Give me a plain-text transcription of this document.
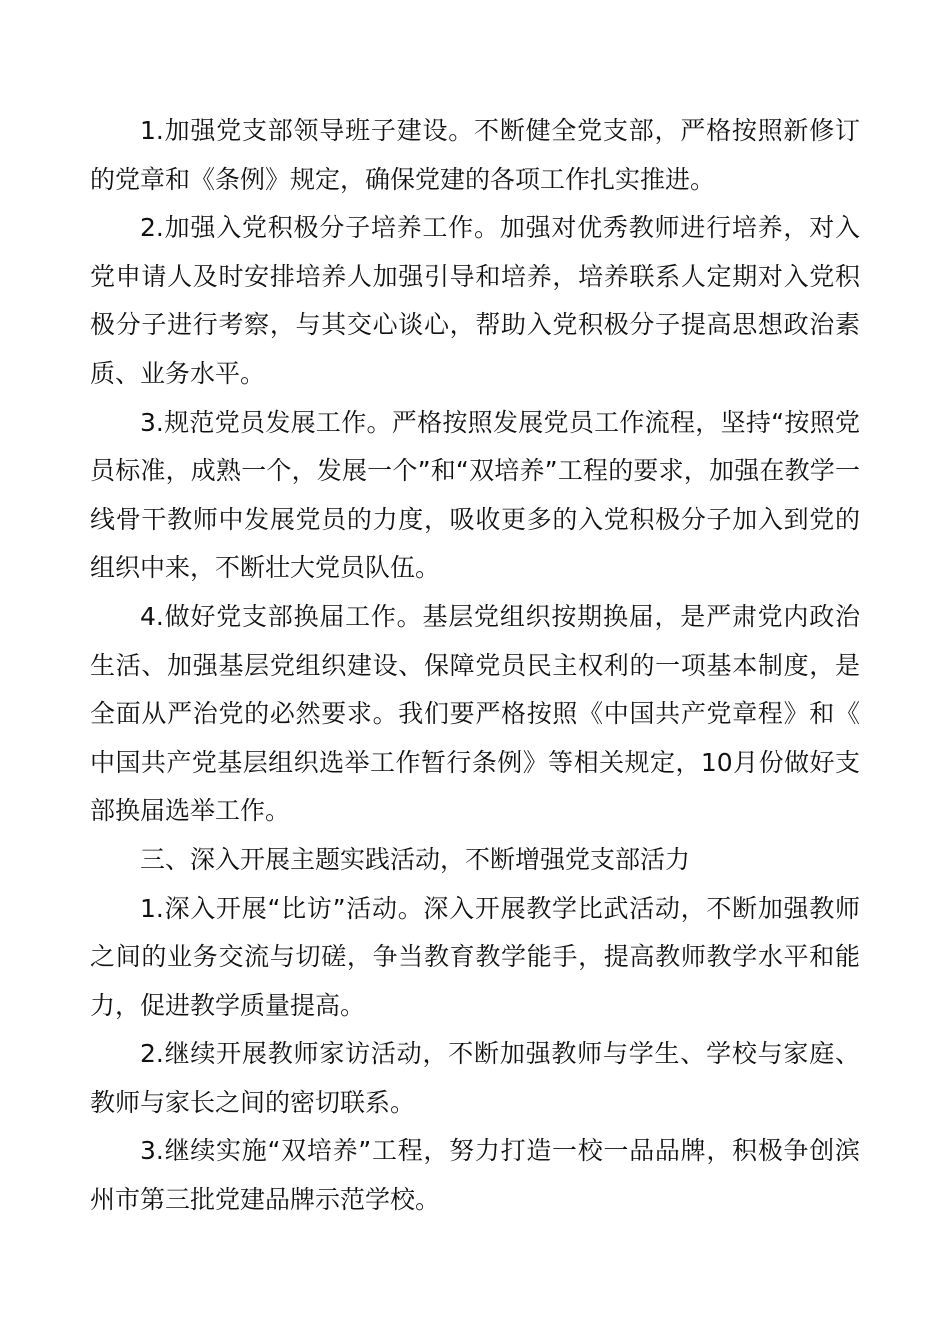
1.加强党支部领导班子建设。不断健全党支部，严格按照新修订的党章和《条例》规定，确保党建的各项工作扎实推进。

2.加强入党积极分子培养工作。加强对优秀教师进行培养，对入党申请人及时安排培养人加强引导和培养，培养联系人定期对入党积极分子进行考察，与其交心谈心，帮助入党积极分子提高思想政治素质、业务水平。

3.规范党员发展工作。严格按照发展党员工作流程，坚持“按照党员标准，成熟一个，发展一个”和“双培养”工程的要求，加强在教学一线骨干教师中发展党员的力度，吸收更多的入党积极分子加入到党的组织中来，不断壮大党员队伍。

4.做好党支部换届工作。基层党组织按期换届，是严肃党内政治生活、加强基层党组织建设、保障党员民主权利的一项基本制度，是全面从严治党的必然要求。我们要严格按照《中国共产党章程》和《中国共产党基层组织选举工作暂行条例》等相关规定，10月份做好支部换届选举工作。

三、深入开展主题实践活动，不断增强党支部活力

1.深入开展“比访”活动。深入开展教学比武活动，不断加强教师之间的业务交流与切磋，争当教育教学能手，提高教师教学水平和能力，促进教学质量提高。

2.继续开展教师家访活动，不断加强教师与学生、学校与家庭、教师与家长之间的密切联系。

3.继续实施“双培养”工程，努力打造一校一品品牌，积极争创滨州市第三批党建品牌示范学校。
